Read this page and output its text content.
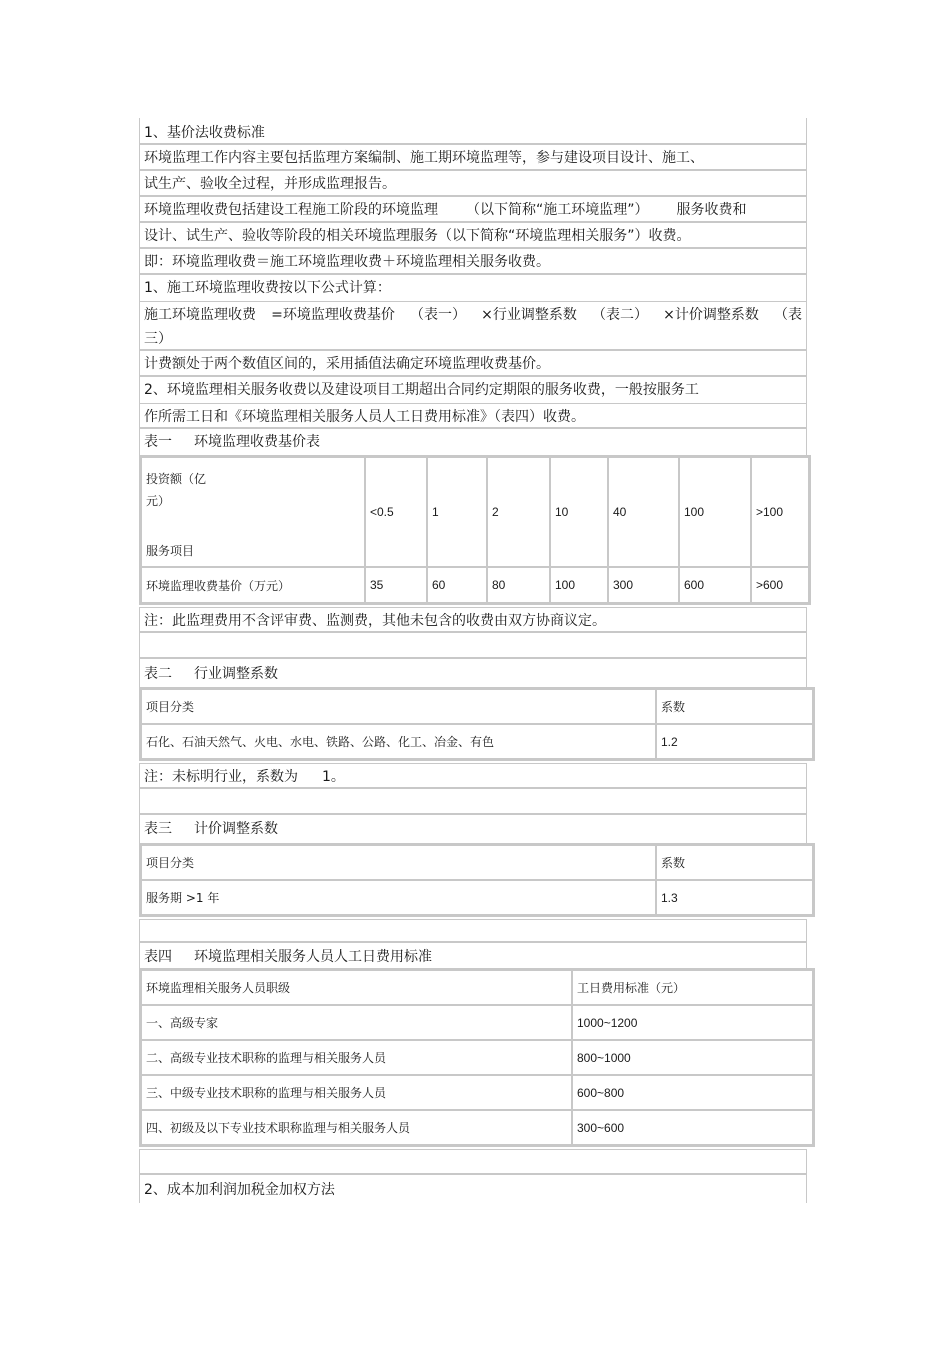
1、基价法收费标准
环境监理工作内容主要包括监理方案编制、施工期环境监理等，参与建设项目设计、施工、
试生产、验收全过程，并形成监理报告。
环境监理收费包括建设工程施工阶段的环境监理 （以下简称“施工环境监理”） 服务收费和
设计、试生产、验收等阶段的相关环境监理服务（以下简称“环境监理相关服务”）收费。
即：环境监理收费＝施工环境监理收费＋环境监理相关服务收费。
1、施工环境监理收费按以下公式计算：
施工环境监理收费 =环境监理收费基价 （表一） ×行业调整系数 （表二） ×计价调整系数 （表
三）
计费额处于两个数值区间的，采用插值法确定环境监理收费基价。
2、环境监理相关服务收费以及建设项目工期超出合同约定期限的服务收费，一般按服务工
作所需工日和《环境监理相关服务人员人工日费用标准》（表四）收费。
表一 环境监理收费基价表
投资额（亿
元）
服务项目	<0.5	1	2	10	40	100	>100
环境监理收费基价（万元）	35	60	80	100	300	600	>600
注：此监理费用不含评审费、监测费，其他未包含的收费由双方协商议定。
表二 行业调整系数
项目分类	系数
石化、石油天然气、火电、水电、铁路、公路、化工、冶金、有色	1.2
注：未标明行业，系数为 1。
表三 计价调整系数
项目分类	系数
服务期 >1 年	1.3
表四 环境监理相关服务人员人工日费用标准
环境监理相关服务人员职级	工日费用标准（元）
一、高级专家	1000~1200
二、高级专业技术职称的监理与相关服务人员	800~1000
三、中级专业技术职称的监理与相关服务人员	600~800
四、初级及以下专业技术职称监理与相关服务人员	300~600
2、成本加利润加税金加权方法
